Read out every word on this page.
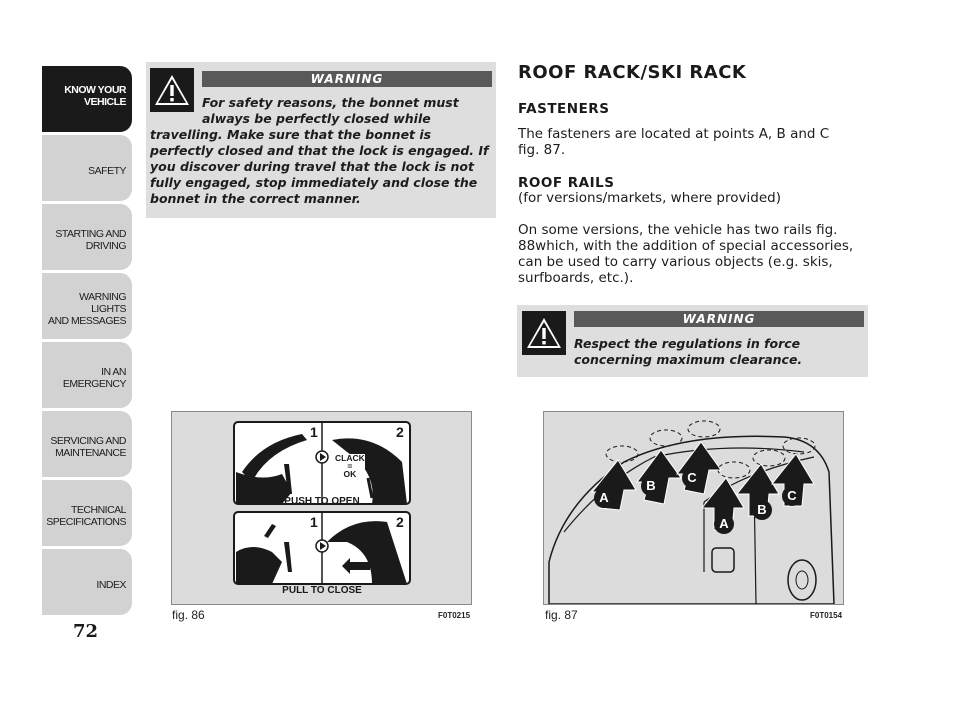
KNOW YOUR
VEHICLE
SAFETY
STARTING AND
DRIVING
WARNING LIGHTS
AND MESSAGES
IN AN EMERGENCY
SERVICING AND
MAINTENANCE
TECHNICAL
SPECIFICATIONS
INDEX
72
WARNING
For safety reasons, the bonnet must always be perfectly closed while travelling. Make sure that the bonnet is perfectly closed and that the lock is engaged. If you discover during travel that the lock is not fully engaged, stop immediately and close the bonnet in the correct manner.
ROOF RACK/SKI RACK
FASTENERS
The fasteners are located at points A, B and C fig. 87.
ROOF RAILS
(for versions/markets, where provided)
On some versions, the vehicle has two rails fig. 88which, with the addition of special accessories, can be used to carry various objects (e.g. skis, surfboards, etc.).
WARNING
Respect the regulations in force concerning maximum clearance.
1	2
CLACK
=
OK
PUSH TO OPEN
1	2
PULL TO CLOSE
fig. 86	F0T0215
A
B
C
A
B
C
fig. 87	F0T0154
